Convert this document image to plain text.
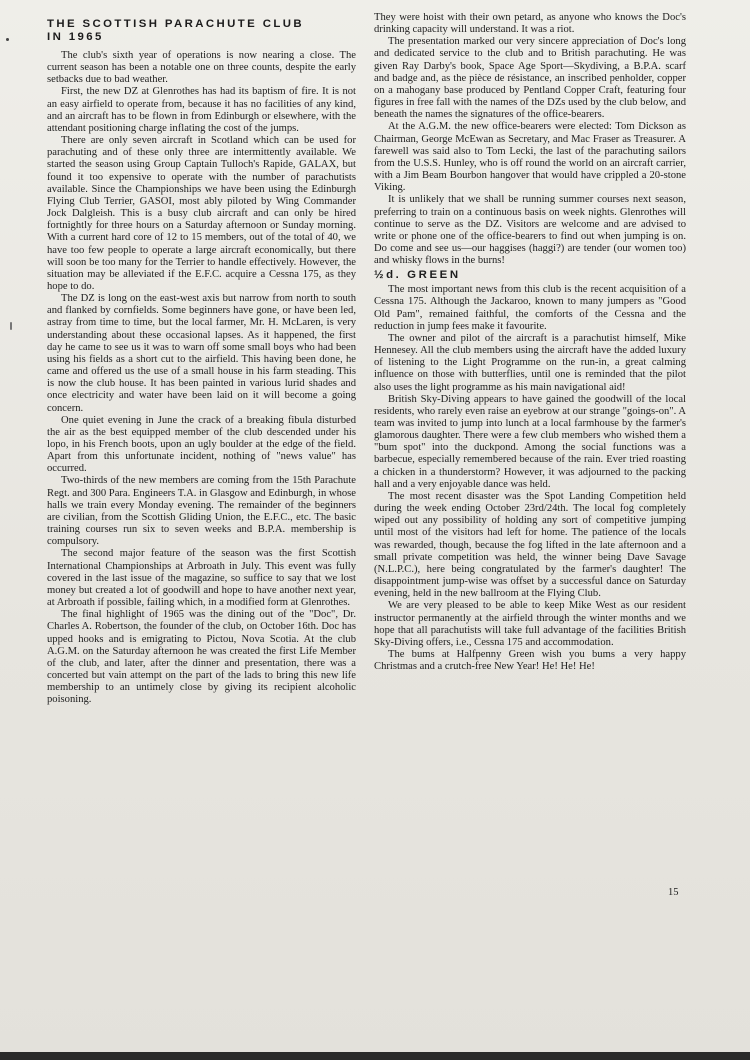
THE SCOTTISH PARACHUTE CLUB
IN 1965

The club's sixth year of operations is now nearing a close. The current season has been a notable one on three counts, despite the early setbacks due to bad weather.

First, the new DZ at Glenrothes has had its baptism of fire. It is not an easy airfield to operate from, because it has no facilities of any kind, and an aircraft has to be flown in from Edinburgh or elsewhere, with the attendant positioning charge inflating the cost of the jumps.

There are only seven aircraft in Scotland which can be used for parachuting and of these only three are intermittently available. We started the season using Group Captain Tulloch's Rapide, GALAX, but found it too expensive to operate with the number of parachutists available. Since the Championships we have been using the Edinburgh Flying Club Terrier, GASOI, most ably piloted by Wing Commander Jock Dalgleish. This is a busy club aircraft and can only be hired fortnightly for three hours on a Saturday afternoon or Sunday morning. With a current hard core of 12 to 15 members, out of the total of 40, we have too few people to operate a large aircraft economically, but there will soon be too many for the Terrier to handle effectively. However, the situation may be alleviated if the E.F.C. acquire a Cessna 175, as they hope to do.

The DZ is long on the east-west axis but narrow from north to south and flanked by cornfields. Some beginners have gone, or have been led, astray from time to time, but the local farmer, Mr. H. McLaren, is very understanding about these occasional lapses. As it happened, the first day he came to see us it was to warn off some small boys who had been using his fields as a short cut to the airfield. This having been done, he came and offered us the use of a small house in his farm steading. This is now the club house. It has been painted in various lurid shades and once electricity and water have been laid on it will become a going concern.

One quiet evening in June the crack of a breaking fibula disturbed the air as the best equipped member of the club descended under his lopo, in his French boots, upon an ugly boulder at the edge of the field. Apart from this unfortunate incident, nothing of "news value" has occurred.

Two-thirds of the new members are coming from the 15th Parachute Regt. and 300 Para. Engineers T.A. in Glasgow and Edinburgh, in whose halls we train every Monday evening. The remainder of the beginners are civilian, from the Scottish Gliding Union, the E.F.C., etc. The basic training courses run six to seven weeks and B.P.A. membership is compulsory.

The second major feature of the season was the first Scottish International Championships at Arbroath in July. This event was fully covered in the last issue of the magazine, so suffice to say that we lost money but created a lot of goodwill and hope to have another next year, at Arbroath if possible, failing which, in a modified form at Glenrothes.

The final highlight of 1965 was the dining out of the "Doc", Dr. Charles A. Robertson, the founder of the club, on October 16th. Doc has upped hooks and is emigrating to Pictou, Nova Scotia. At the club A.G.M. on the Saturday afternoon he was created the first Life Member of the club, and later, after the dinner and presentation, there was a concerted but vain attempt on the part of the lads to bring this new life membership to an untimely close by giving its recipient alcoholic poisoning.

They were hoist with their own petard, as anyone who knows the Doc's drinking capacity will understand. It was a riot.

The presentation marked our very sincere appreciation of Doc's long and dedicated service to the club and to British parachuting. He was given Ray Darby's book, Space Age Sport—Skydiving, a B.P.A. scarf and badge and, as the pièce de résistance, an inscribed penholder, copper on a mahogany base produced by Pentland Copper Craft, featuring four figures in free fall with the names of the DZs used by the club below, and beneath the names the signatures of the office-bearers.

At the A.G.M. the new office-bearers were elected: Tom Dickson as Chairman, George McEwan as Secretary, and Mac Fraser as Treasurer. A farewell was said also to Tom Lecki, the last of the parachuting sailors from the U.S.S. Hunley, who is off round the world on an aircraft carrier, with a Jim Beam Bourbon hangover that would have crippled a 20-stone Viking.

It is unlikely that we shall be running summer courses next season, preferring to train on a continuous basis on week nights. Glenrothes will continue to serve as the DZ. Visitors are welcome and are advised to write or phone one of the office-bearers to find out when jumping is on. Do come and see us—our haggises (haggi?) are tender (our women too) and whisky flows in the burns!

½d. GREEN

The most important news from this club is the recent acquisition of a Cessna 175. Although the Jackaroo, known to many jumpers as "Good Old Pam", remained faithful, the comforts of the Cessna and the reduction in jump fees make it favourite.

The owner and pilot of the aircraft is a parachutist himself, Mike Hennesey. All the club members using the aircraft have the added luxury of listening to the Light Programme on the run-in, a great calming influence on those with butterflies, until one is reminded that the pilot also uses the light programme as his main navigational aid!

British Sky-Diving appears to have gained the goodwill of the local residents, who rarely even raise an eyebrow at our strange "goings-on". A team was invited to jump into lunch at a local farmhouse by the farmer's glamorous daughter. There were a few club members who wished them a "bum spot" into the duckpond. Among the social functions was a barbecue, especially remembered because of the rain. Ever tried roasting a chicken in a thunderstorm? However, it was adjourned to the packing hall and a very enjoyable dance was held.

The most recent disaster was the Spot Landing Competition held during the week ending October 23rd/24th. The local fog completely wiped out any possibility of holding any sort of competitive jumping until most of the visitors had left for home. The patience of the locals was rewarded, though, because the fog lifted in the late afternoon and a small private competition was held, the winner being Dave Savage (N.L.P.C.), here being congratulated by the farmer's daughter! The disappointment jump-wise was offset by a successful dance on Saturday evening, held in the new ballroom at the Flying Club.

We are very pleased to be able to keep Mike West as our resident instructor permanently at the airfield through the winter months and we hope that all parachutists will take full advantage of the facilities British Sky-Diving offers, i.e., Cessna 175 and accommodation.

The bums at Halfpenny Green wish you bums a very happy Christmas and a crutch-free New Year! He! He! He!

15
